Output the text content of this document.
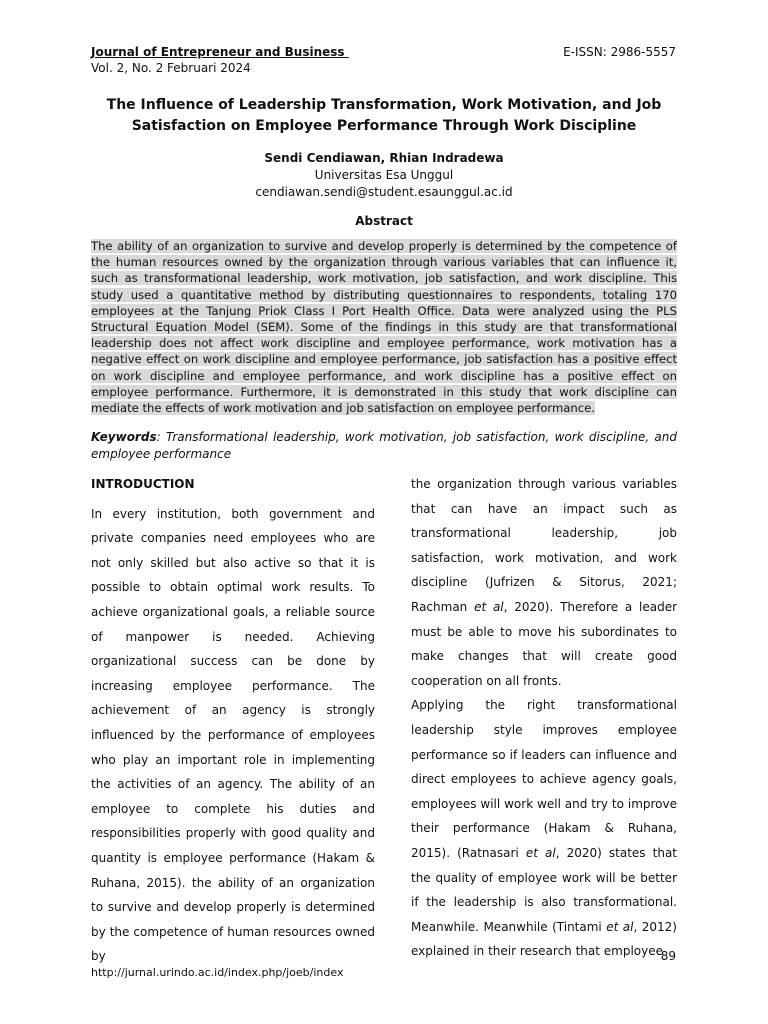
Journal of Entrepreneur and Business
Vol. 2, No. 2 Februari 2024
E-ISSN: 2986-5557
The Influence of Leadership Transformation, Work Motivation, and Job
Satisfaction on Employee Performance Through Work Discipline
Sendi Cendiawan, Rhian Indradewa
Universitas Esa Unggul
cendiawan.sendi@student.esaunggul.ac.id
Abstract
The ability of an organization to survive and develop properly is determined by the competence of the human resources owned by the organization through various variables that can influence it, such as transformational leadership, work motivation, job satisfaction, and work discipline. This study used a quantitative method by distributing questionnaires to respondents, totaling 170 employees at the Tanjung Priok Class I Port Health Office. Data were analyzed using the PLS Structural Equation Model (SEM). Some of the findings in this study are that transformational leadership does not affect work discipline and employee performance, work motivation has a negative effect on work discipline and employee performance, job satisfaction has a positive effect on work discipline and employee performance, and work discipline has a positive effect on employee performance. Furthermore, it is demonstrated in this study that work discipline can mediate the effects of work motivation and job satisfaction on employee performance.
Keywords: Transformational leadership, work motivation, job satisfaction, work discipline, and employee performance
INTRODUCTION

In every institution, both government and private companies need employees who are not only skilled but also active so that it is possible to obtain optimal work results. To achieve organizational goals, a reliable source of manpower is needed. Achieving organizational success can be done by increasing employee performance. The achievement of an agency is strongly influenced by the performance of employees who play an important role in implementing the activities of an agency. The ability of an employee to complete his duties and responsibilities properly with good quality and quantity is employee performance (Hakam & Ruhana, 2015). the ability of an organization to survive and develop properly is determined by the competence of human resources owned by

the organization through various variables that can have an impact such as transformational leadership, job satisfaction, work motivation, and work discipline (Jufrizen & Sitorus, 2021; Rachman et al, 2020). Therefore a leader must be able to move his subordinates to make changes that will create good cooperation on all fronts.

Applying the right transformational leadership style improves employee performance so if leaders can influence and direct employees to achieve agency goals, employees will work well and try to improve their performance (Hakam & Ruhana, 2015). (Ratnasari et al, 2020) states that the quality of employee work will be better if the leadership is also transformational. Meanwhile. Meanwhile (Tintami et al, 2012) explained in their research that employee

89
http://jurnal.urindo.ac.id/index.php/joeb/index
